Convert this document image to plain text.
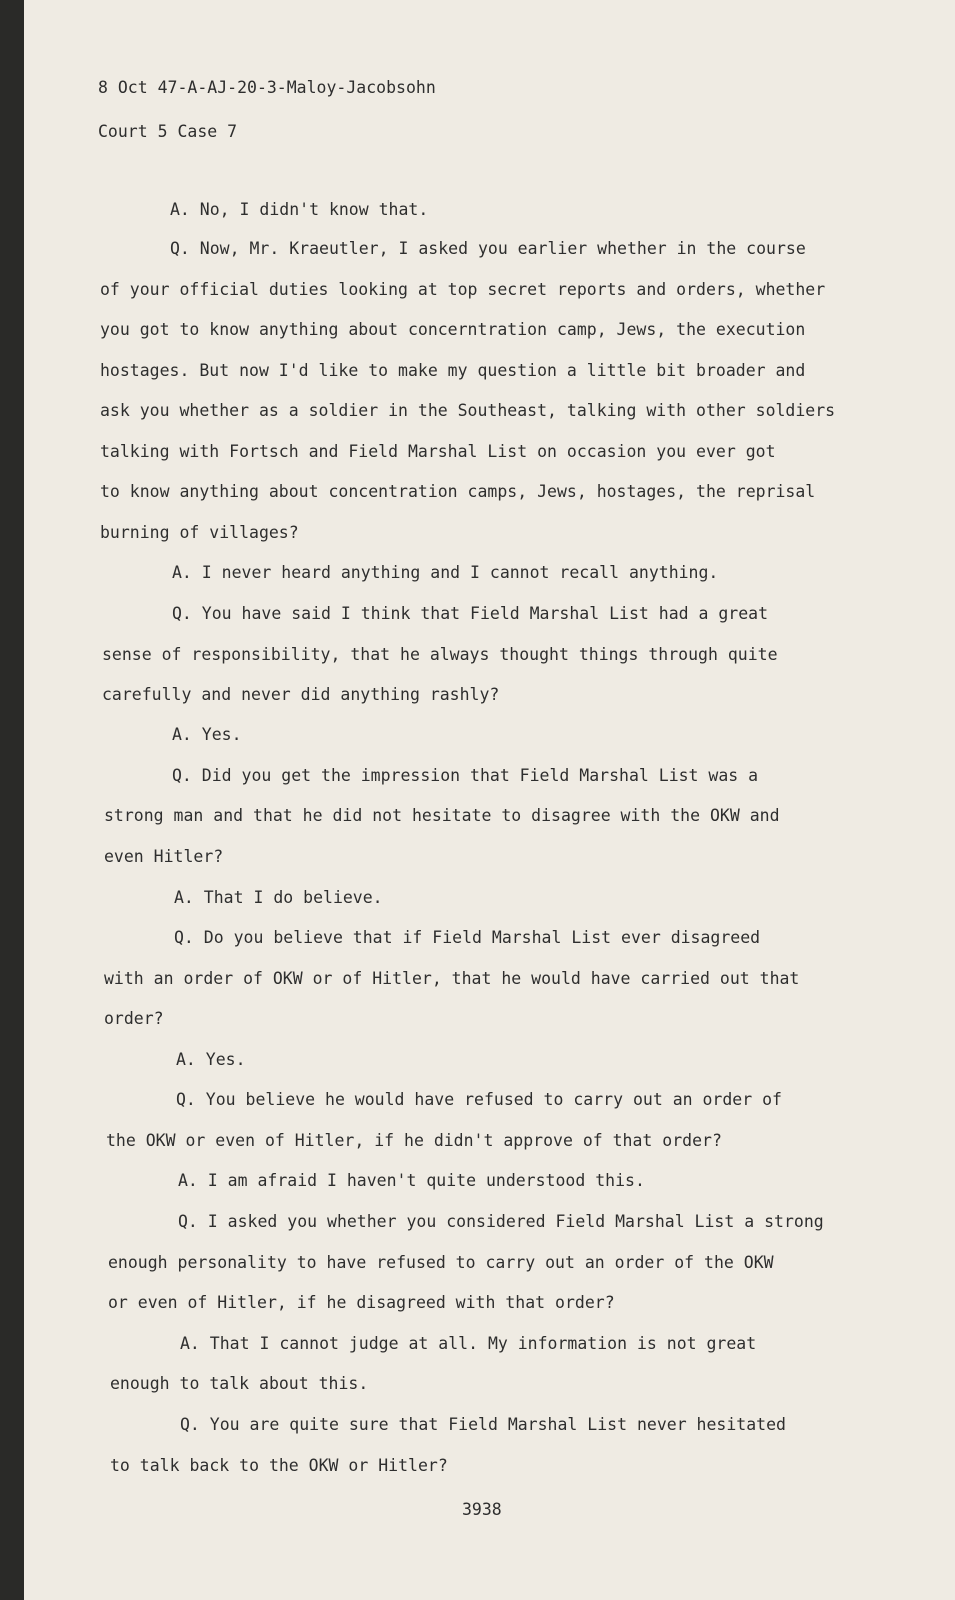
8 Oct 47-A-AJ-20-3-Maloy-Jacobsohn
Court 5 Case 7
A. No, I didn't know that.
Q. Now, Mr. Kraeutler, I asked you earlier whether in the course
of your official duties looking at top secret reports and orders, whether
you got to know anything about concerntration camp, Jews, the execution
hostages. But now I'd like to make my question a little bit broader and
ask you whether as a soldier in the Southeast, talking with other soldiers
talking with Fortsch and Field Marshal List on occasion you ever got
to know anything about concentration camps, Jews, hostages, the reprisal
burning of villages?
A. I never heard anything and I cannot recall anything.
Q. You have said I think that Field Marshal List had a great
sense of responsibility, that he always thought things through quite
carefully and never did anything rashly?
A. Yes.
Q. Did you get the impression that Field Marshal List was a
strong man and that he did not hesitate to disagree with the OKW and
even Hitler?
A. That I do believe.
Q. Do you believe that if Field Marshal List ever disagreed
with an order of OKW or of Hitler, that he would have carried out that
order?
A. Yes.
Q. You believe he would have refused to carry out an order of
the OKW or even of Hitler, if he didn't approve of that order?
A. I am afraid I haven't quite understood this.
Q. I asked you whether you considered Field Marshal List a strong
enough personality to have refused to carry out an order of the OKW
or even of Hitler, if he disagreed with that order?
A. That I cannot judge at all. My information is not great
enough to talk about this.
Q. You are quite sure that Field Marshal List never hesitated
to talk back to the OKW or Hitler?
3938
